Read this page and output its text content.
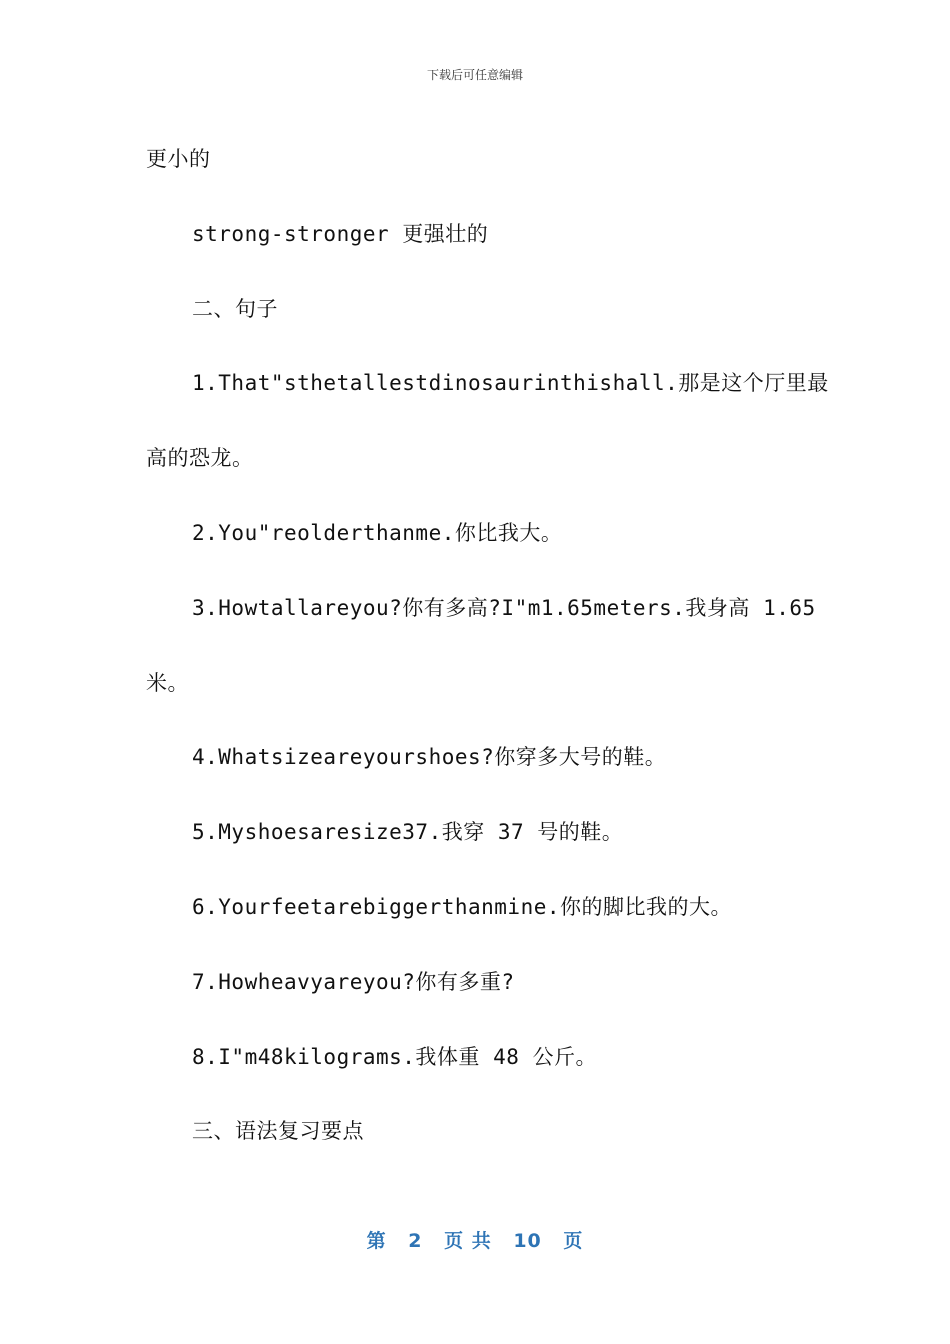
下载后可任意编辑

更小的

strong-stronger 更强壮的

二、句子

1.That"sthetallestdinosaurinthishall.那是这个厅里最

高的恐龙。

2.You"reolderthanme.你比我大。

3.Howtallareyou?你有多高?I"m1.65meters.我身高 1.65

米。

4.Whatsizeareyourshoes?你穿多大号的鞋。

5.Myshoesaresize37.我穿 37 号的鞋。

6.Yourfeetarebiggerthanmine.你的脚比我的大。

7.Howheavyareyou?你有多重?

8.I"m48kilograms.我体重 48 公斤。

三、语法复习要点

第 2 页 共 10 页
